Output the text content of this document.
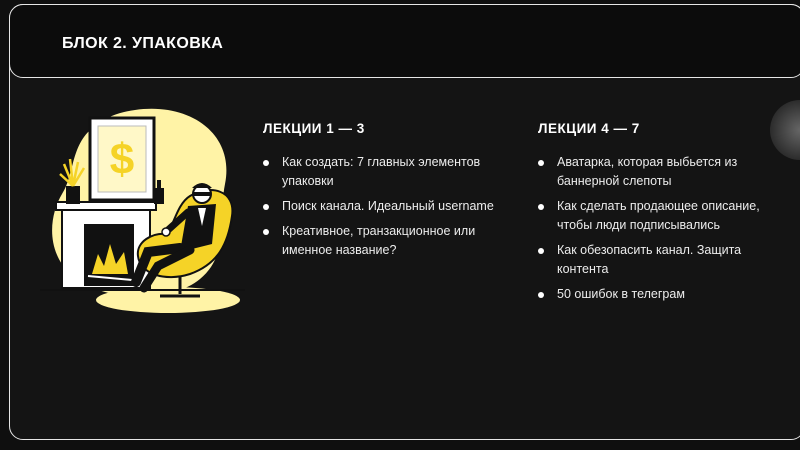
БЛОК 2. УПАКОВКА
$
ЛЕКЦИИ 1 — 3
Как создать: 7 главных элементов упаковки
Поиск канала. Идеальный username
Креативное, транзакционное или именное название?
ЛЕКЦИИ 4 — 7
Аватарка, которая выбьется из баннерной слепоты
Как сделать продающее описание, чтобы люди подписывались
Как обезопасить канал. Защита контента
50 ошибок в телеграм
